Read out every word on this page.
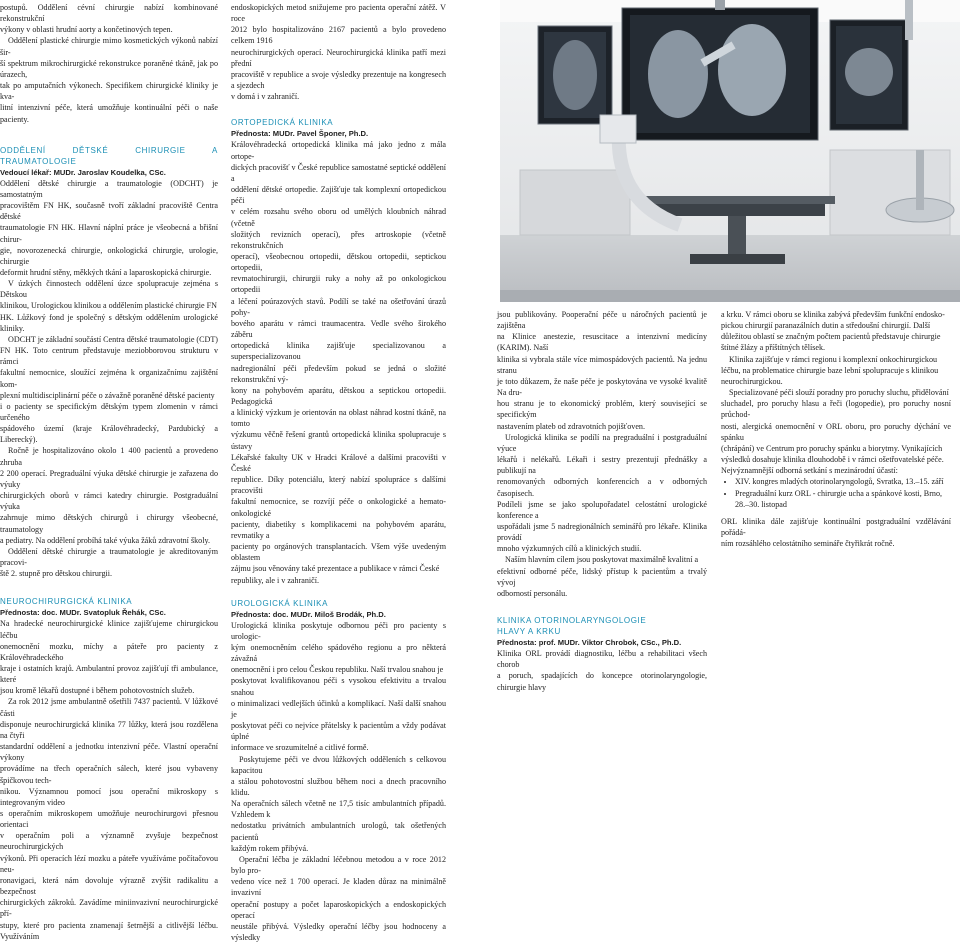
postupů. Oddělení cévní chirurgie nabízí kombinované rekonstrukční

výkony v oblasti hrudní aorty a končetinových tepen.

Oddělení plastické chirurgie mimo kosmetických výkonů nabízí šir-

ší spektrum mikrochirurgické rekonstrukce poraněné tkáně, jak po úrazech,

tak po amputačních výkonech. Specifikem chirurgické kliniky je kva-

litní intenzivní péče, která umožňuje kontinuální péči o naše pacienty.

ODDĚLENÍ DĚTSKÉ CHIRURGIE A TRAUMATOLOGIE

Vedoucí lékař: MUDr. Jaroslav Koudelka, CSc.

Oddělení dětské chirurgie a traumatologie (ODCHT) je samostatným

pracovištěm FN HK, současně tvoří základní pracoviště Centra dětské

traumatologie FN HK. Hlavní náplní práce je všeobecná a břišní chirur-

gie, novorozenecká chirurgie, onkologická chirurgie, urologie, chirurgie

deformit hrudní stěny, měkkých tkání a laparoskopická chirurgie.

V úzkých činnostech oddělení úzce spolupracuje zejména s Dětskou

klinikou, Urologickou klinikou a oddělením plastické chirurgie FN

HK. Lůžkový fond je společný s dětským oddělením urologické kliniky.

ODCHT je základní součástí Centra dětské traumatologie (CDT)

FN HK. Toto centrum představuje meziobborovou strukturu v rámci

fakultní nemocnice, sloužící zejména k organizačnímu zajištění kom-

plexní multidisciplinární péče o závažně poraněné dětské pacienty

i o pacienty se specifickým dětským typem zlomenin v rámci určeného

spádového území (kraje Královéhradecký, Pardubický a Liberecký).

Ročně je hospitalizováno okolo 1 400 pacientů a provedeno zhruba

2 200 operací. Pregraduální výuka dětské chirurgie je zařazena do výuky

chirurgických oborů v rámci katedry chirurgie. Postgraduální výuka

zahrnuje mimo dětských chirurgů i chirurgy všeobecné, traumatology

a pediatry. Na oddělení probíhá také výuka žáků zdravotní školy.

Oddělení dětské chirurgie a traumatologie je akreditovaným pracovi-

ště 2. stupně pro dětskou chirurgii.

NEUROCHIRURGICKÁ KLINIKA

Přednosta: doc. MUDr. Svatopluk Řehák, CSc.

Na hradecké neurochirurgické klinice zajišťujeme chirurgickou léčbu

onemocnění mozku, míchy a páteře pro pacienty z Královéhradeckého

kraje i ostatních krajů. Ambulantní provoz zajišťují tři ambulance, které

jsou kromě lékařů dostupné i během pohotovostních služeb.

Za rok 2012 jsme ambulantně ošetřili 7437 pacientů. V lůžkové části

disponuje neurochirurgická klinika 77 lůžky, která jsou rozdělena na čtyři

standardní oddělení a jednotku intenzivní péče. Vlastní operační výkony

provádíme na třech operačních sálech, které jsou vybaveny špičkovou tech-

nikou. Významnou pomocí jsou operační mikroskopy s integrovaným video

s operačním mikroskopem umožňuje neurochirurgovi přesnou orientaci

v operačním poli a významně zvyšuje bezpečnost neurochirurgických

výkonů. Při operacích lézí mozku a páteře využíváme počítačovou neu-

ronavigaci, která nám dovoluje výrazně zvýšit radikalitu a bezpečnost

chirurgických zákroků. Zavádíme miniinvazivní neurochirurgické pří-

stupy, které pro pacienta znamenají šetrnější a citlivější léčbu. Využíváním

endoskopických metod snižujeme pro pacienta operační zátěž. V roce

2012 bylo hospitalizováno 2167 pacientů a bylo provedeno celkem 1916

neurochirurgických operací. Neurochirurgická klinika patří mezi přední

pracoviště v republice a svoje výsledky prezentuje na kongresech a sjezdech

v domá i v zahraničí.

ORTOPEDICKÁ KLINIKA

Přednosta: MUDr. Pavel Šponer, Ph.D.

Královéhradecká ortopedická klinika má jako jedno z mála ortope-

dických pracovišť v České republice samostatné septické oddělení a

oddělení dětské ortopedie. Zajišťuje tak komplexní ortopedickou péči

v celém rozsahu svého oboru od umělých kloubních náhrad (včetně

složitých revizních operací), přes artroskopie (včetně rekonstrukčních

operací), všeobecnou ortopedii, dětskou ortopedii, septickou ortopedii,

revmatochirurgii, chirurgii ruky a nohy až po onkologickou ortopedii

a léčení poúrazových stavů. Podílí se také na ošetřování úrazů pohy-

bového aparátu v rámci traumacentra. Vedle svého širokého záběru

ortopedická klinika zajišťuje specializovanou a superspecializovanou

nadregionální péči především pokud se jedná o složité rekonstrukční vý-

kony na pohybovém aparátu, dětskou a septickou ortopedii. Pedagogická

a klinický výzkum je orientován na oblast náhrad kostní tkáně, na tomto

výzkumu věčně řešení grantů ortopedická klinika spolupracuje s ústavy

Lékařské fakulty UK v Hradci Králové a dalšími pracovišti v České

republice. Díky potenciálu, který nabízí spolupráce s dalšími pracovišti

fakultní nemocnice, se rozvíjí péče o onkologické a hemato-onkologické

pacienty, diabetiky s komplikacemi na pohybovém aparátu, revmatiky a

pacienty po orgánových transplantacích. Všem výše uvedeným oblastem

zájmu jsou věnovány také prezentace a publikace v rámci České

republiky, ale i v zahraničí.

UROLOGICKÁ KLINIKA

Přednosta: doc. MUDr. Miloš Brodák, Ph.D.

Urologická klinika poskytuje odbornou péči pro pacienty s urologic-

kým onemocněním celého spádového regionu a pro některá závažná

onemocnění i pro celou Českou republiku. Naší trvalou snahou je

poskytovat kvalifikovanou péči s vysokou efektivitu a trvalou snahou

o minimalizaci vedlejších účinků a komplikací. Naší další snahou je

poskytovat péči co nejvíce přátelsky k pacientům a vždy podávat úplné

informace ve srozumitelné a citlivé formě.

Poskytujeme péči ve dvou lůžkových odděleních s celkovou kapacitou

a stálou pohotovostní službou během noci a dnech pracovního klidu.

Na operačních sálech včetně ne 17,5 tisíc ambulantních případů. Vzhledem k

nedostatku privátních ambulantních urologů, tak ošetřených pacientů

každým rokem přibývá.

Operační léčba je základní léčebnou metodou a v roce 2012 bylo pro-

vedeno více než 1 700 operací. Je kladen důraz na minimálně invazivní

operační postupy a počet laparoskopických a endoskopických operací

neustále přibývá. Výsledky operační léčby jsou hodnoceny a výsledky

jsou publikovány. Pooperační péče u náročných pacientů je zajištěna

na Klinice anestezie, resuscitace a intenzivní medicíny (KARIM). Naší

klinika si vybrala stále více mimospádových pacientů. Na jednu stranu

je toto důkazem, že naše péče je poskytována ve vysoké kvalitě Na dru-

hou stranu je to ekonomický problém, který související se specifickým

nastavením plateb od zdravotních pojišťoven.

Urologická klinika se podílí na pregraduální i postgraduální výuce

lékařů i nelékařů. Lékaři i sestry prezentují přednášky a publikují na

renomovaných odborných konferencích a v odborných časopisech.

Podíleli jsme se jako spolupořadatel celostátní urologické konference a

uspořádali jsme 5 nadregionálních seminářů pro lékaře. Klinika provádí

mnoho výzkumných cílů a klinických studií.

Naším hlavním cílem jsou poskytovat maximálně kvalitní a

efektivní odborné péče, lidský přístup k pacientům a trvalý vývoj

odborností personálu.

KLINIKA OTORINOLARYNGOLOGIE

HLAVY A KRKU

Přednosta: prof. MUDr. Viktor Chrobok, CSc., Ph.D.

Klinika ORL provádí diagnostiku, léčbu a rehabilitaci všech chorob

a poruch, spadajících do koncepce otorinolaryngologie, chirurgie hlavy

a krku. V rámci oboru se klinika zabývá především funkční endosko-

pickou chirurgií paranazálních dutin a středoušní chirurgií. Další

důležitou oblastí se značným počtem pacientů představuje chirurgie

štítné žlázy a příštítných tělísek.

Klinika zajišťuje v rámci regionu i komplexní onkochirurgickou

léčbu, na problematice chirurgie baze lební spolupracuje s klinikou

neurochirurgickou.

Specializované péči slouží poradny pro poruchy sluchu, přidělování

sluchadel, pro poruchy hlasu a řeči (logopedie), pro poruchy nosní průchod-

nosti, alergická onemocnění v ORL oboru, pro poruchy dýchání ve spánku

(chrápání) ve Centrum pro poruchy spánku a biorytmy. Vynikajících

výsledků dosahuje klinika dlouhodobě i v rámci ošetřovatelské péče.

Nejvýznamnější odborná setkání s mezinárodní účastí:

• XIV. kongres mladých otorinolaryngologů, Svratka, 13.–15. září
• Pregraduální kurz ORL - chirurgie ucha a spánkové kosti, Brno,
28.–30. listopad

ORL klinika dále zajišťuje kontinuální postgraduální vzdělávání pořádá-

ním rozsáhlého celostátního semináře čtyřikrát ročně.
